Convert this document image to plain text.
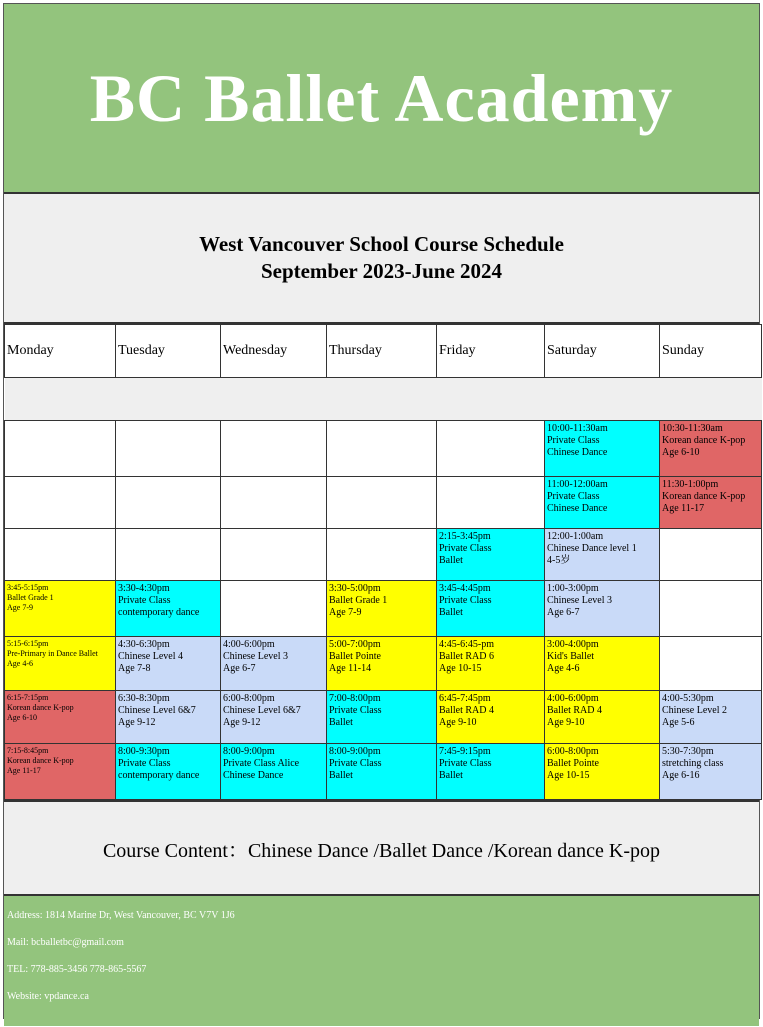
BC Ballet Academy
West Vancouver School Course Schedule
September 2023-June 2024
Monday	Tuesday	Wednesday	Thursday	Friday	Saturday	Sunday

					10:00-11:30am
Private Class
Chinese Dance	10:30-11:30am
Korean dance K-pop
Age 6-10

					11:00-12:00am
Private Class
Chinese Dance	11:30-1:00pm
Korean dance K-pop
Age 11-17

				2:15-3:45pm
Private Class
Ballet	12:00-1:00am
Chinese Dance level 1
4-5岁	

3:45-5:15pm
Ballet Grade 1
Age 7-9	3:30-4:30pm
Private Class
contemporary dance		3:30-5:00pm
Ballet Grade 1
Age 7-9	3:45-4:45pm
Private Class
Ballet	1:00-3:00pm
Chinese Level 3
Age 6-7	

5:15-6:15pm
Pre-Primary in Dance Ballet
Age 4-6	4:30-6:30pm
Chinese Level 4
Age 7-8	4:00-6:00pm
Chinese Level 3
Age 6-7	5:00-7:00pm
Ballet Pointe
Age 11-14	4:45-6:45-pm
Ballet RAD 6
Age 10-15	3:00-4:00pm
Kid's Ballet
Age 4-6	

6:15-7:15pm
Korean dance K-pop
Age 6-10	6:30-8:30pm
Chinese Level 6&7
Age 9-12	6:00-8:00pm
Chinese Level 6&7
Age 9-12	7:00-8:00pm
Private Class
Ballet	6:45-7:45pm
Ballet RAD 4
Age 9-10	4:00-6:00pm
Ballet RAD 4
Age 9-10	4:00-5:30pm
Chinese Level 2
Age 5-6

7:15-8:45pm
Korean dance K-pop
Age 11-17	8:00-9:30pm
Private Class
contemporary dance	8:00-9:00pm
Private Class Alice
Chinese Dance	8:00-9:00pm
Private Class
Ballet	7:45-9:15pm
Private Class
Ballet	6:00-8:00pm
Ballet Pointe
Age 10-15	5:30-7:30pm
stretching class
Age 6-16
Course Content：Chinese Dance /Ballet Dance /Korean dance K-pop
Address: 1814 Marine Dr, West Vancouver, BC V7V 1J6
Mail: bcballetbc@gmail.com
TEL: 778-885-3456 778-865-5567
Website: vpdance.ca
